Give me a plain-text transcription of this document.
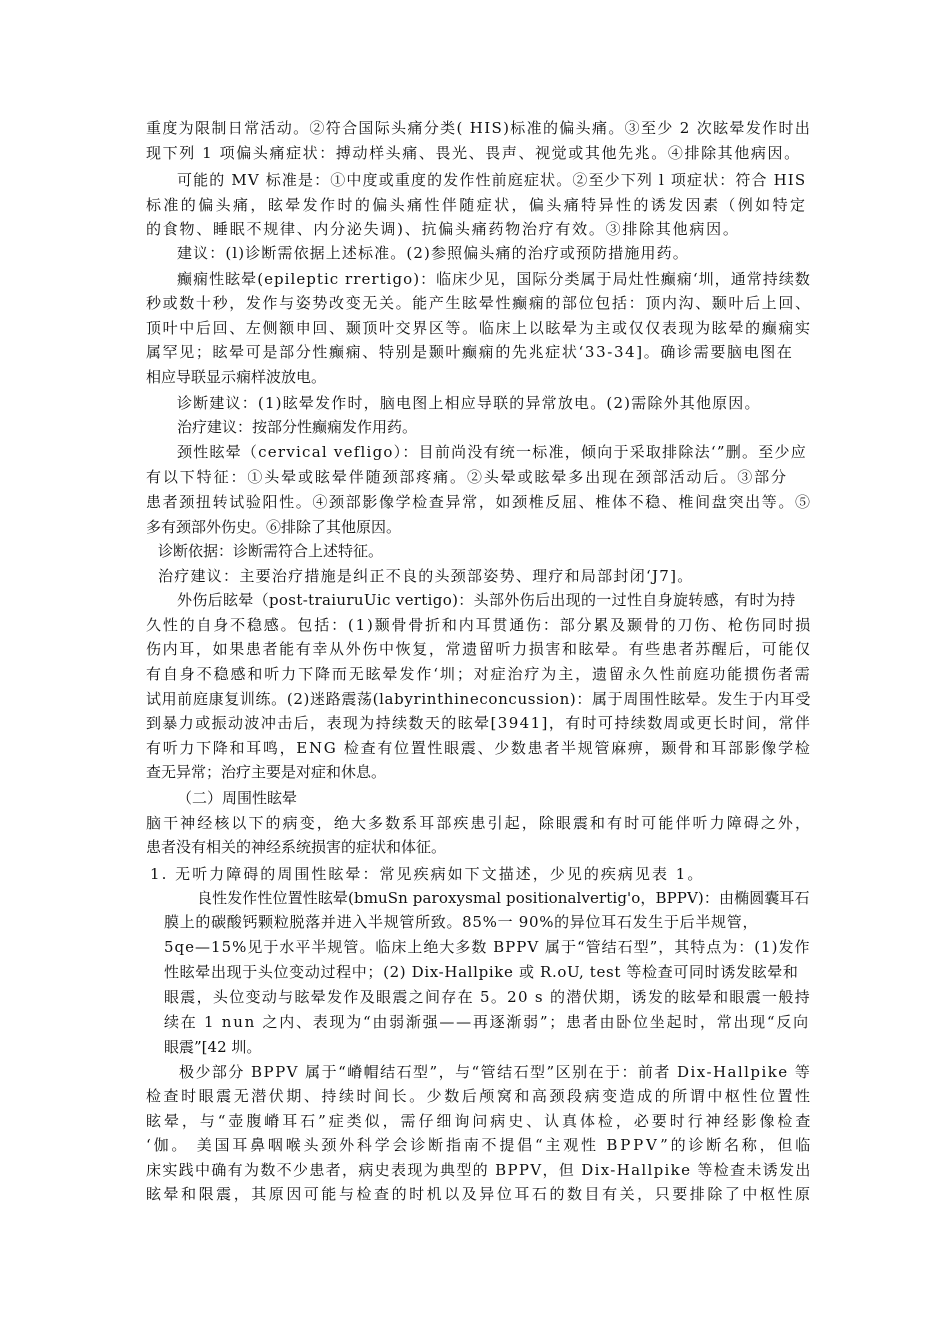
重度为限制日常活动。②符合国际头痛分类( HIS)标准的偏头痛。③至少 2 次眩晕发作时出
现下列 1 项偏头痛症状：搏动样头痛、畏光、畏声、视觉或其他先兆。④排除其他病因。
可能的 MV 标准是：①中度或重度的发作性前庭症状。②至少下列 l 项症状：符合 HIS
标准的偏头痛，眩晕发作时的偏头痛性伴随症状，偏头痛特异性的诱发因素（例如特定
的食物、睡眠不规律、内分泌失调)、抗偏头痛药物治疗有效。③排除其他病因。
建议：(l)诊断需依据上述标准。(2)参照偏头痛的治疗或预防措施用药。
癫痫性眩晕(epileptic rrertigo)：临床少见，国际分类属于局灶性癫痫‘圳，通常持续数
秒或数十秒，发作与姿势改变无关。能产生眩晕性癫痫的部位包括：顶内沟、颞叶后上回、
顶叶中后回、左侧额申回、颞顶叶交界区等。临床上以眩晕为主或仅仅表现为眩晕的癫痫实
属罕见；眩晕可是部分性癫痫、特别是颞叶癫痫的先兆症状‘33-34]。确诊需要脑电图在
相应导联显示痫样波放电。
诊断建议：(1)眩晕发作时，脑电图上相应导联的异常放电。(2)需除外其他原因。
治疗建议：按部分性癫痫发作用药。
颈性眩晕（cervical vefligo）：目前尚没有统一标准，倾向于采取排除法‘”删。至少应
有以下特征：①头晕或眩晕伴随颈部疼痛。②头晕或眩晕多出现在颈部活动后。③部分
患者颈扭转试验阳性。④颈部影像学检查异常，如颈椎反屈、椎体不稳、椎间盘突出等。⑤
多有颈部外伤史。⑥排除了其他原因。
诊断依据：诊断需符合上述特征。
治疗建议：主要治疗措施是纠正不良的头颈部姿势、理疗和局部封闭‘J7]。
外伤后眩晕（post-traiuruUic vertigo)：头部外伤后出现的一过性自身旋转感，有时为持
久性的自身不稳感。包括：(1)颞骨骨折和内耳贯通伤：部分累及颞骨的刀伤、枪伤同时损
伤内耳，如果患者能有幸从外伤中恢复，常遗留听力损害和眩晕。有些患者苏醒后，可能仅
有自身不稳感和听力下降而无眩晕发作‘圳；对症治疗为主，遗留永久性前庭功能掼伤者需
试用前庭康复训练。(2)迷路震荡(labyrinthineconcussion)：属于周围性眩晕。发生于内耳受
到暴力或振动波冲击后，表现为持续数天的眩晕[3941]，有时可持续数周或更长时间，常伴
有听力下降和耳鸣，ENG 检查有位置性眼震、少数患者半规管麻痹，颞骨和耳部影像学检
查无异常；治疗主要是对症和休息。
（二）周围性眩晕
脑干神经核以下的病变，绝大多数系耳部疾患引起，除眼震和有时可能伴听力障碍之外，
患者没有相关的神经系统损害的症状和体征。
1. 无听力障碍的周围性眩晕：常见疾病如下文描述，少见的疾病见表 1。
良性发作性位置性眩晕(bmuSn paroxysmal positionalvertig'o，BPPV)：由椭圆囊耳石
膜上的碳酸钙颗粒脱落并进入半规管所致。85%一 90%的异位耳石发生于后半规管，
5qe—15%见于水平半规管。临床上绝大多数 BPPV 属于“管结石型”，其特点为：(1)发作
性眩晕出现于头位变动过程中；(2) Dix-Hallpike 或 R.oU, test 等检查可同时诱发眩晕和
眼震，头位变动与眩晕发作及眼震之间存在 5。20 s 的潜伏期，诱发的眩晕和眼震一般持
续在 1 nun 之内、表现为“由弱渐强——再逐渐弱”；患者由卧位坐起时，常出现“反向
眼震”[42 圳。
极少部分 BPPV 属于“嵴帽结石型”，与“管结石型”区别在于：前者 Dix-Hallpike 等
检查时眼震无潜伏期、持续时间长。少数后颅窝和高颈段病变造成的所谓中枢性位置性
眩晕，与“壶腹嵴耳石”症类似，需仔细询问病史、认真体检，必要时行神经影像检查
‘伽。 美国耳鼻咽喉头颈外科学会诊断指南不提倡“主观性 BPPV”的诊断名称，但临
床实践中确有为数不少患者，病史表现为典型的 BPPV，但 Dix-Hallpike 等检查未诱发出
眩晕和限震，其原因可能与检查的时机以及异位耳石的数目有关，只要排除了中枢性原
